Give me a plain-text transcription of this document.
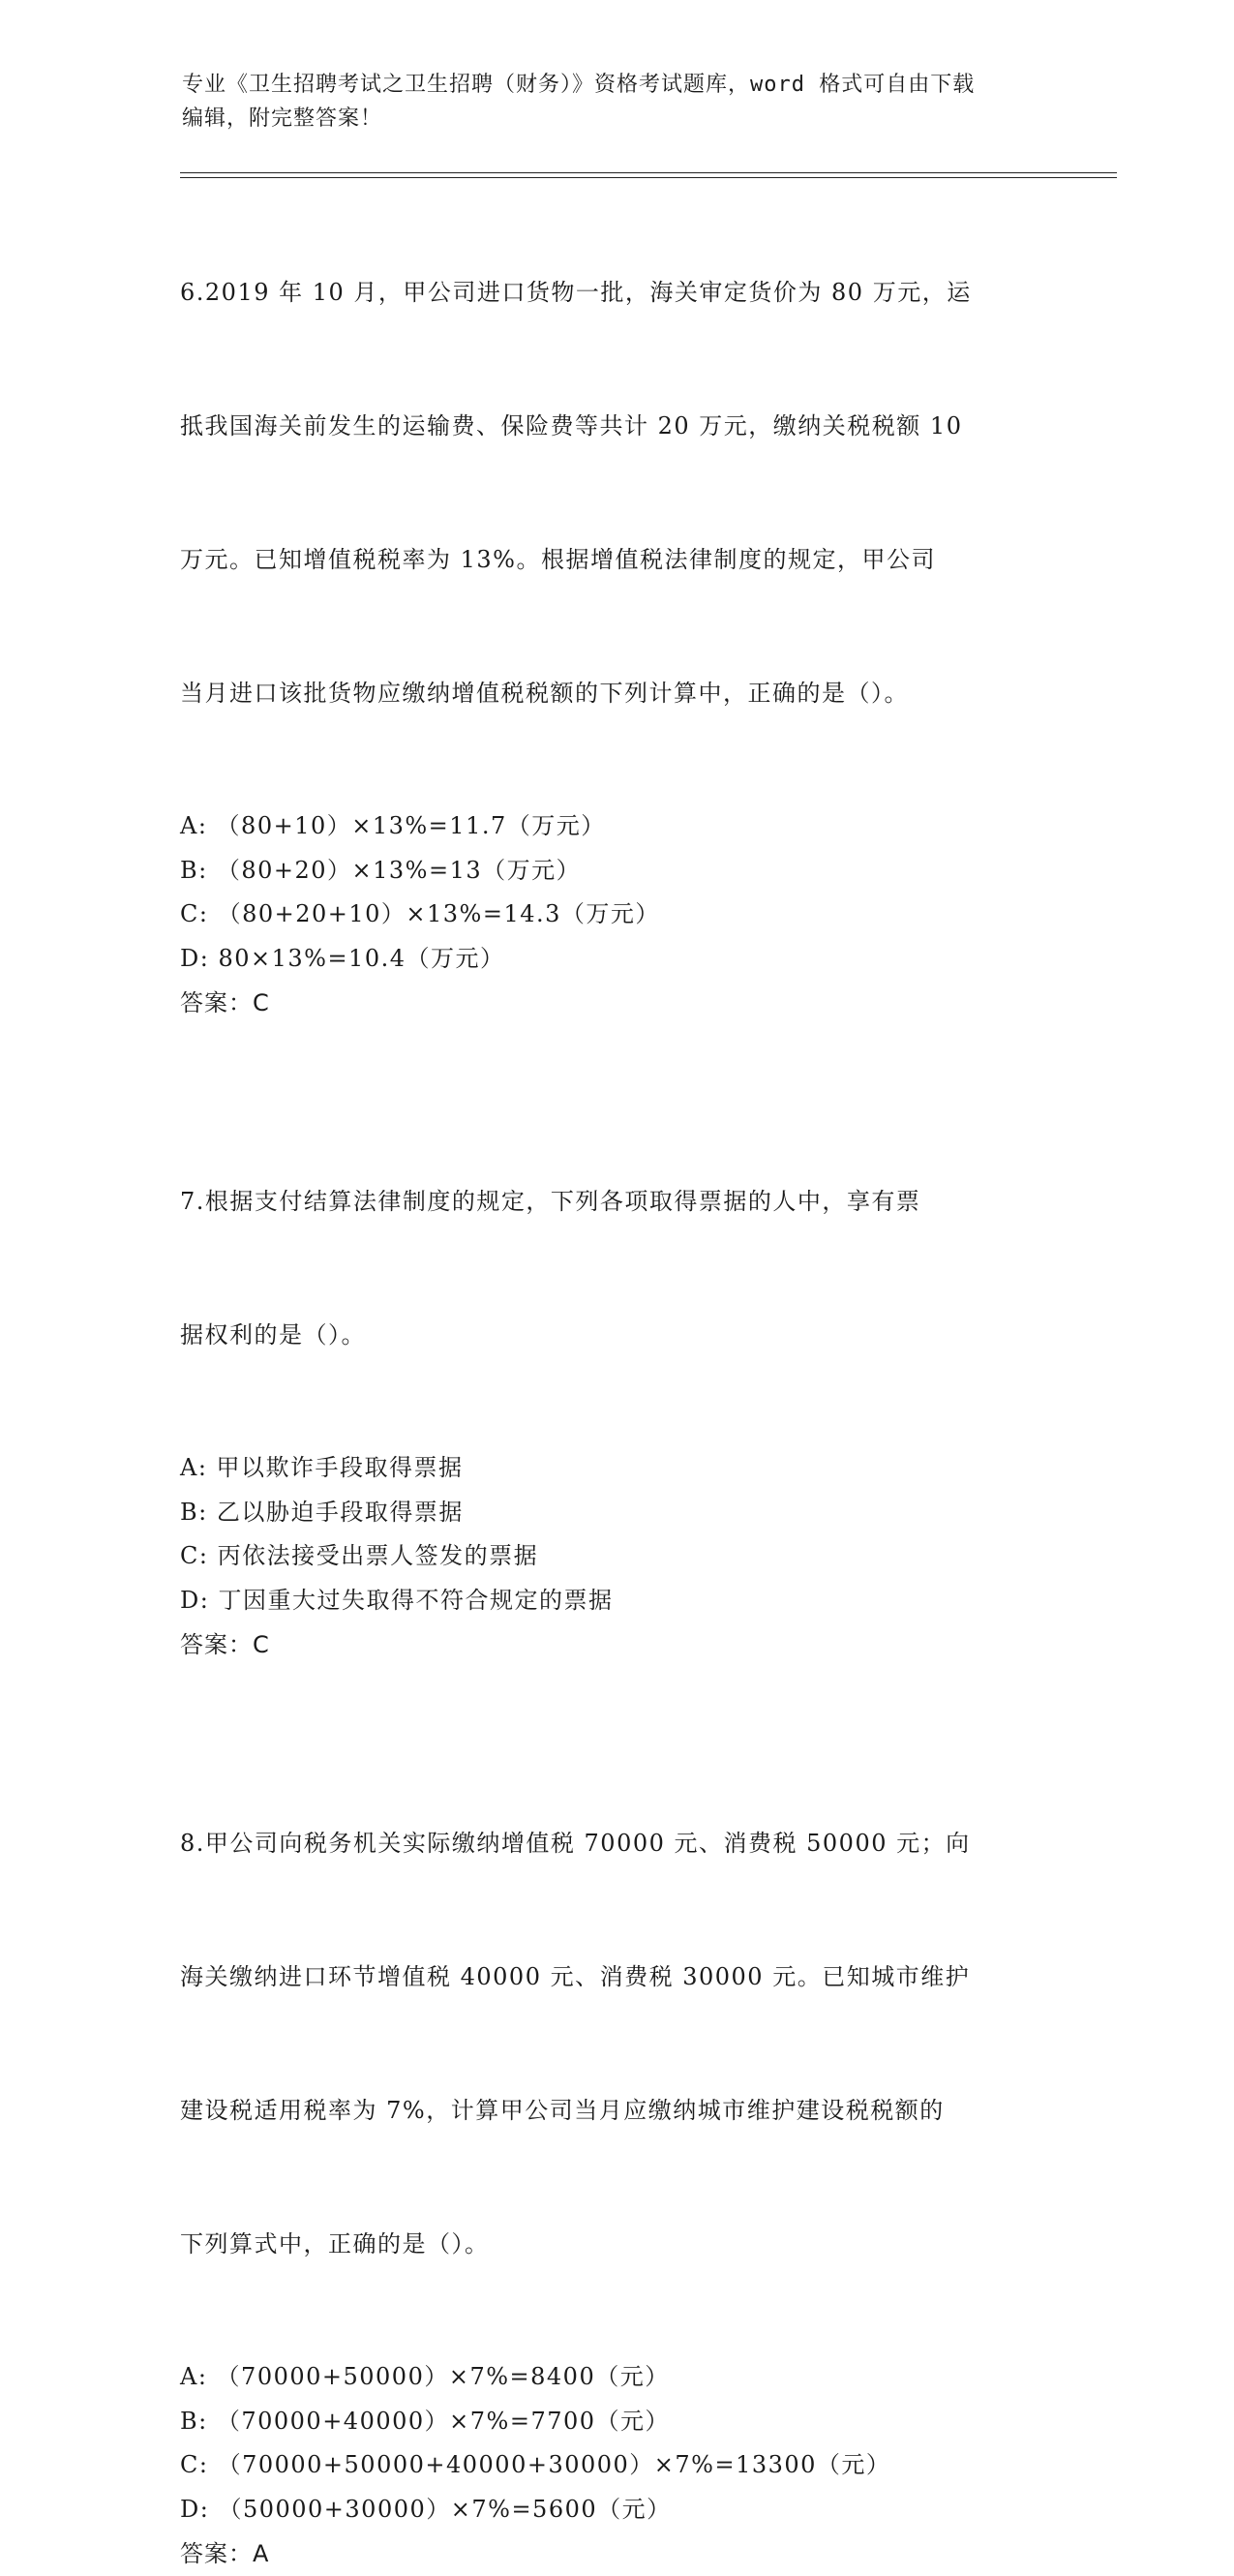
专业《卫生招聘考试之卫生招聘（财务）》资格考试题库，word 格式可自由下载
编辑，附完整答案！

6.2019 年 10 月，甲公司进口货物一批，海关审定货价为 80 万元，运

抵我国海关前发生的运输费、保险费等共计 20 万元，缴纳关税税额 10

万元。已知增值税税率为 13%。根据增值税法律制度的规定，甲公司

当月进口该批货物应缴纳增值税税额的下列计算中，正确的是（）。

A: （80+10）×13%=11.7（万元）
B: （80+20）×13%=13（万元）
C: （80+20+10）×13%=14.3（万元）
D: 80×13%=10.4（万元）
答案：C

7.根据支付结算法律制度的规定，下列各项取得票据的人中，享有票

据权利的是（）。

A: 甲以欺诈手段取得票据
B: 乙以胁迫手段取得票据
C: 丙依法接受出票人签发的票据
D: 丁因重大过失取得不符合规定的票据
答案：C

8.甲公司向税务机关实际缴纳增值税 70000 元、消费税 50000 元；向

海关缴纳进口环节增值税 40000 元、消费税 30000 元。已知城市维护

建设税适用税率为 7%，计算甲公司当月应缴纳城市维护建设税税额的

下列算式中，正确的是（）。

A: （70000+50000）×7%=8400（元）
B: （70000+40000）×7%=7700（元）
C: （70000+50000+40000+30000）×7%=13300（元）
D: （50000+30000）×7%=5600（元）
答案：A
